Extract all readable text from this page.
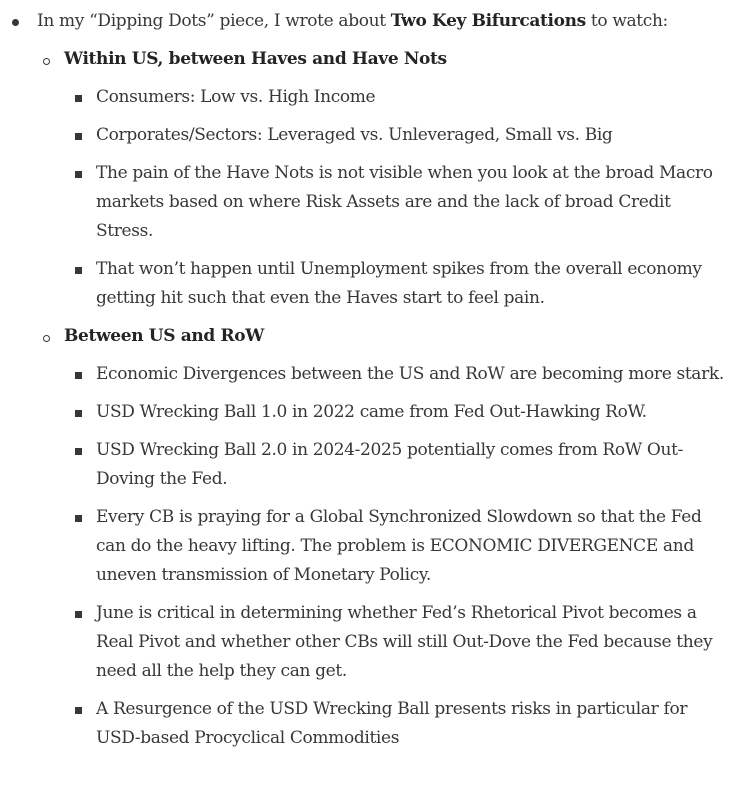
In my “Dipping Dots” piece, I wrote about Two Key Bifurcations to watch:
Within US, between Haves and Have Nots
Consumers: Low vs. High Income
Corporates/Sectors: Leveraged vs. Unleveraged, Small vs. Big
The pain of the Have Nots is not visible when you look at the broad Macro markets based on where Risk Assets are and the lack of broad Credit Stress.
That won’t happen until Unemployment spikes from the overall economy getting hit such that even the Haves start to feel pain.
Between US and RoW
Economic Divergences between the US and RoW are becoming more stark.
USD Wrecking Ball 1.0 in 2022 came from Fed Out-Hawking RoW.
USD Wrecking Ball 2.0 in 2024-2025 potentially comes from RoW Out-Doving the Fed.
Every CB is praying for a Global Synchronized Slowdown so that the Fed can do the heavy lifting. The problem is ECONOMIC DIVERGENCE and uneven transmission of Monetary Policy.
June is critical in determining whether Fed’s Rhetorical Pivot becomes a Real Pivot and whether other CBs will still Out-Dove the Fed because they need all the help they can get.
A Resurgence of the USD Wrecking Ball presents risks in particular for USD-based Procyclical Commodities
